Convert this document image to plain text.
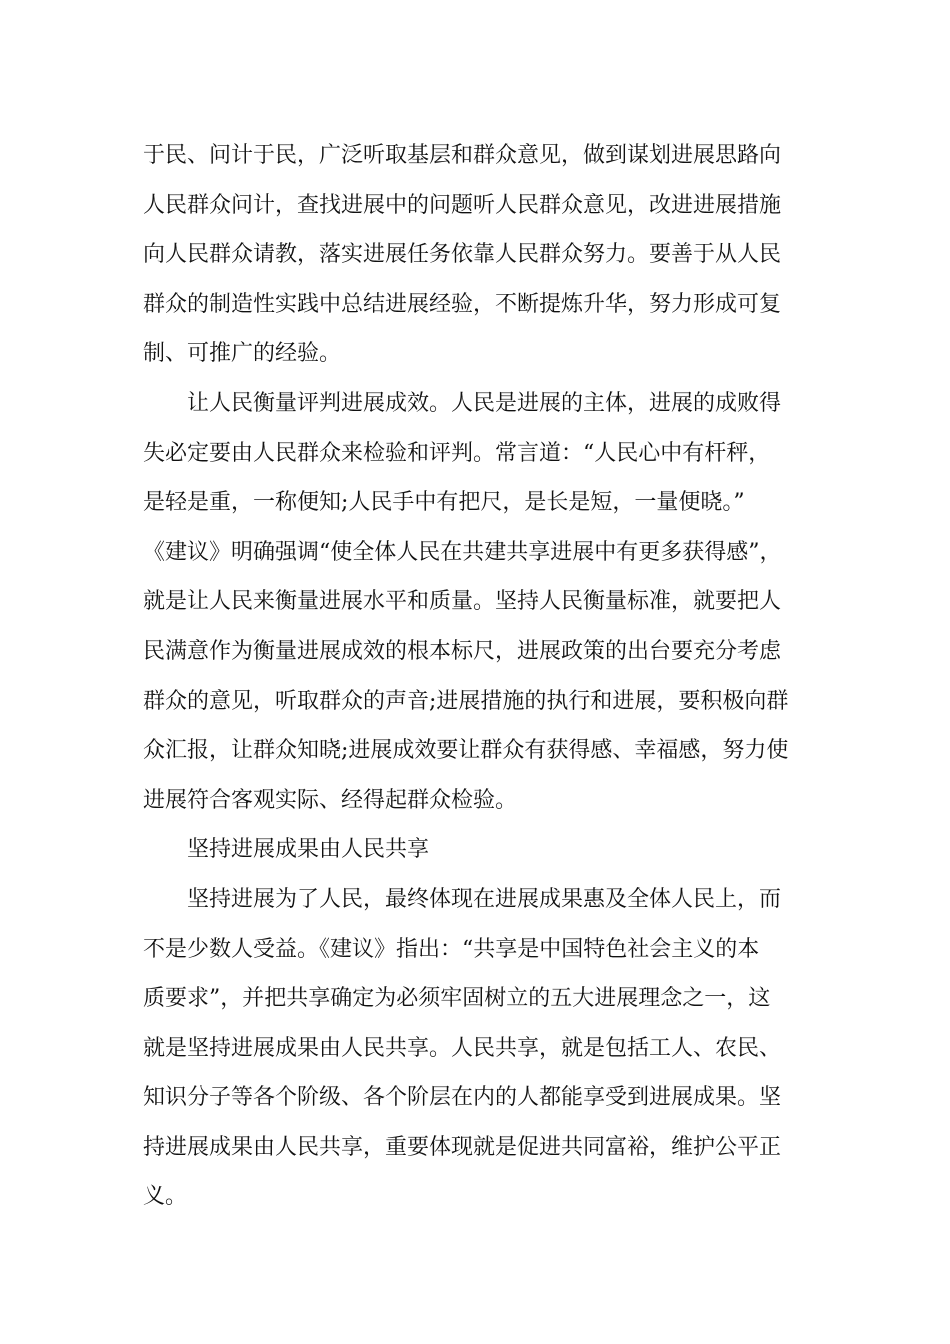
于民、问计于民，广泛听取基层和群众意见，做到谋划进展思路向
人民群众问计，查找进展中的问题听人民群众意见，改进进展措施
向人民群众请教，落实进展任务依靠人民群众努力。要善于从人民
群众的制造性实践中总结进展经验，不断提炼升华，努力形成可复
制、可推广的经验。

让人民衡量评判进展成效。人民是进展的主体，进展的成败得
失必定要由人民群众来检验和评判。常言道：“人民心中有杆秤，
是轻是重，一称便知;人民手中有把尺，是长是短，一量便晓。”
《建议》明确强调“使全体人民在共建共享进展中有更多获得感”，
就是让人民来衡量进展水平和质量。坚持人民衡量标准，就要把人
民满意作为衡量进展成效的根本标尺，进展政策的出台要充分考虑
群众的意见，听取群众的声音;进展措施的执行和进展，要积极向群
众汇报，让群众知晓;进展成效要让群众有获得感、幸福感，努力使
进展符合客观实际、经得起群众检验。

坚持进展成果由人民共享

坚持进展为了人民，最终体现在进展成果惠及全体人民上，而
不是少数人受益。《建议》指出：“共享是中国特色社会主义的本
质要求”，并把共享确定为必须牢固树立的五大进展理念之一，这
就是坚持进展成果由人民共享。人民共享，就是包括工人、农民、
知识分子等各个阶级、各个阶层在内的人都能享受到进展成果。坚
持进展成果由人民共享，重要体现就是促进共同富裕，维护公平正
义。
